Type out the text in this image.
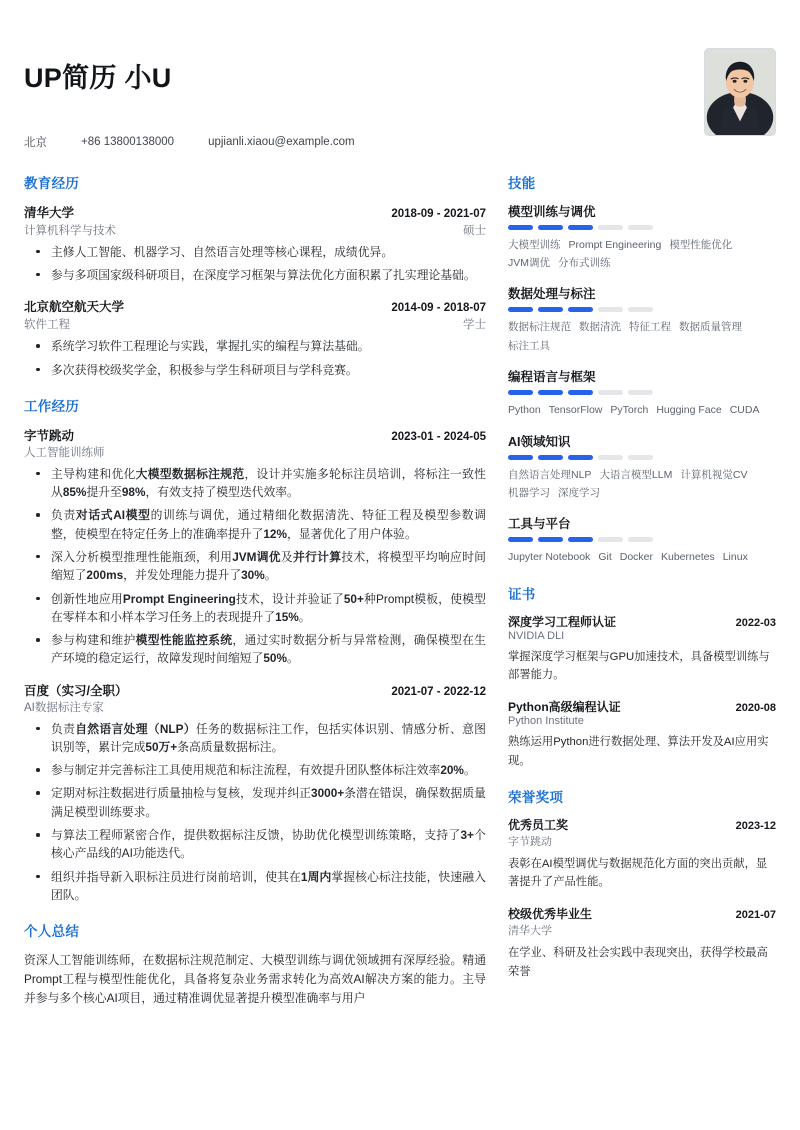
UP简历 小U
北京	+86 13800138000	upjianli.xiaou@example.com
教育经历
清华大学	2018-09 - 2021-07
计算机科学与技术	硕士
主修人工智能、机器学习、自然语言处理等核心课程，成绩优异。
参与多项国家级科研项目，在深度学习框架与算法优化方面积累了扎实理论基础。
北京航空航天大学	2014-09 - 2018-07
软件工程	学士
系统学习软件工程理论与实践，掌握扎实的编程与算法基础。
多次获得校级奖学金，积极参与学生科研项目与学科竞赛。
工作经历
字节跳动	2023-01 - 2024-05
人工智能训练师
主导构建和优化大模型数据标注规范，设计并实施多轮标注员培训，将标注一致性从85%提升至98%，有效支持了模型迭代效率。
负责对话式AI模型的训练与调优，通过精细化数据清洗、特征工程及模型参数调整，使模型在特定任务上的准确率提升了12%，显著优化了用户体验。
深入分析模型推理性能瓶颈，利用JVM调优及并行计算技术，将模型平均响应时间缩短了200ms，并发处理能力提升了30%。
创新性地应用Prompt Engineering技术，设计并验证了50+种Prompt模板，使模型在零样本和小样本学习任务上的表现提升了15%。
参与构建和维护模型性能监控系统，通过实时数据分析与异常检测，确保模型在生产环境的稳定运行，故障发现时间缩短了50%。
百度（实习/全职）	2021-07 - 2022-12
AI数据标注专家
负责自然语言处理（NLP）任务的数据标注工作，包括实体识别、情感分析、意图识别等，累计完成50万+条高质量数据标注。
参与制定并完善标注工具使用规范和标注流程，有效提升团队整体标注效率20%。
定期对标注数据进行质量抽检与复核，发现并纠正3000+条潜在错误，确保数据质量满足模型训练要求。
与算法工程师紧密合作，提供数据标注反馈，协助优化模型训练策略，支持了3+个核心产品线的AI功能迭代。
组织并指导新入职标注员进行岗前培训，使其在1周内掌握核心标注技能，快速融入团队。
个人总结
资深人工智能训练师，在数据标注规范制定、大模型训练与调优领域拥有深厚经验。精通Prompt工程与模型性能优化，具备将复杂业务需求转化为高效AI解决方案的能力。主导并参与多个核心AI项目，通过精准调优显著提升模型准确率与用户
技能
模型训练与调优
大模型训练 Prompt Engineering 模型性能优化JVM调优 分布式训练
数据处理与标注
数据标注规范 数据清洗 特征工程 数据质量管理标注工具
编程语言与框架
Python TensorFlow PyTorch Hugging Face CUDA
AI领域知识
自然语言处理NLP 大语言模型LLM 计算机视觉CV机器学习 深度学习
工具与平台
Jupyter Notebook Git Docker Kubernetes Linux
证书
深度学习工程师认证	2022-03
NVIDIA DLI
掌握深度学习框架与GPU加速技术，具备模型训练与部署能力。
Python高级编程认证	2020-08
Python Institute
熟练运用Python进行数据处理、算法开发及AI应用实现。
荣誉奖项
优秀员工奖	2023-12
字节跳动
表彰在AI模型调优与数据规范化方面的突出贡献，显著提升了产品性能。
校级优秀毕业生	2021-07
清华大学
在学业、科研及社会实践中表现突出，获得学校最高荣誉
